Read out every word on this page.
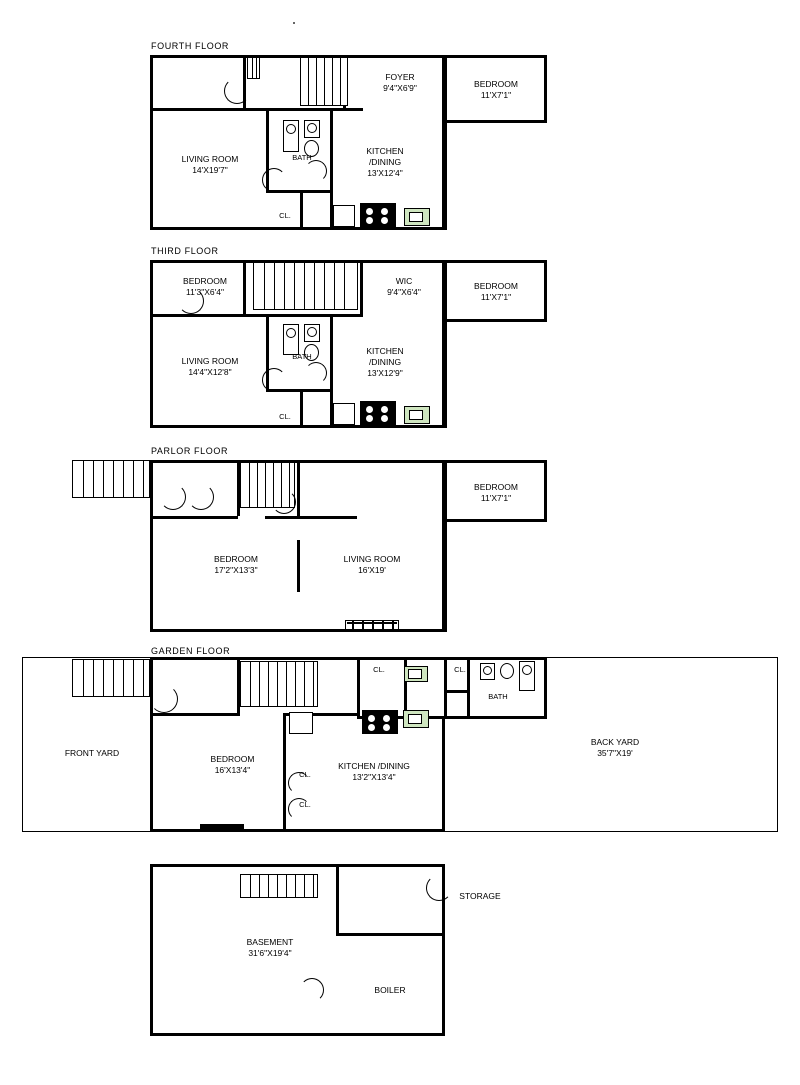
FOURTH FLOOR
FOYER
9'4"X6'9"	BEDROOM
11'X7'1"
LIVING ROOM
14'X19'7"
KITCHEN
/DINING
13'X12'4"
BATH
CL.
THIRD FLOOR
BEDROOM
11'3"X6'4"
WIC
9'4"X6'4"
BEDROOM
11'X7'1"
LIVING ROOM
14'4"X12'8"
KITCHEN
/DINING
13'X12'9"
BATH
CL.
PARLOR FLOOR
BEDROOM
11'X7'1"
BEDROOM
17'2"X13'3"
LIVING ROOM
16'X19'
GARDEN FLOOR
FRONT YARD
BEDROOM
16'X13'4"	KITCHEN /DINING
13'2"X13'4"
BACK YARD
35'7"X19'
CL.	CL.
BATH
CL.
CL.
STORAGE
BASEMENT
31'6"X19'4"
BOILER
